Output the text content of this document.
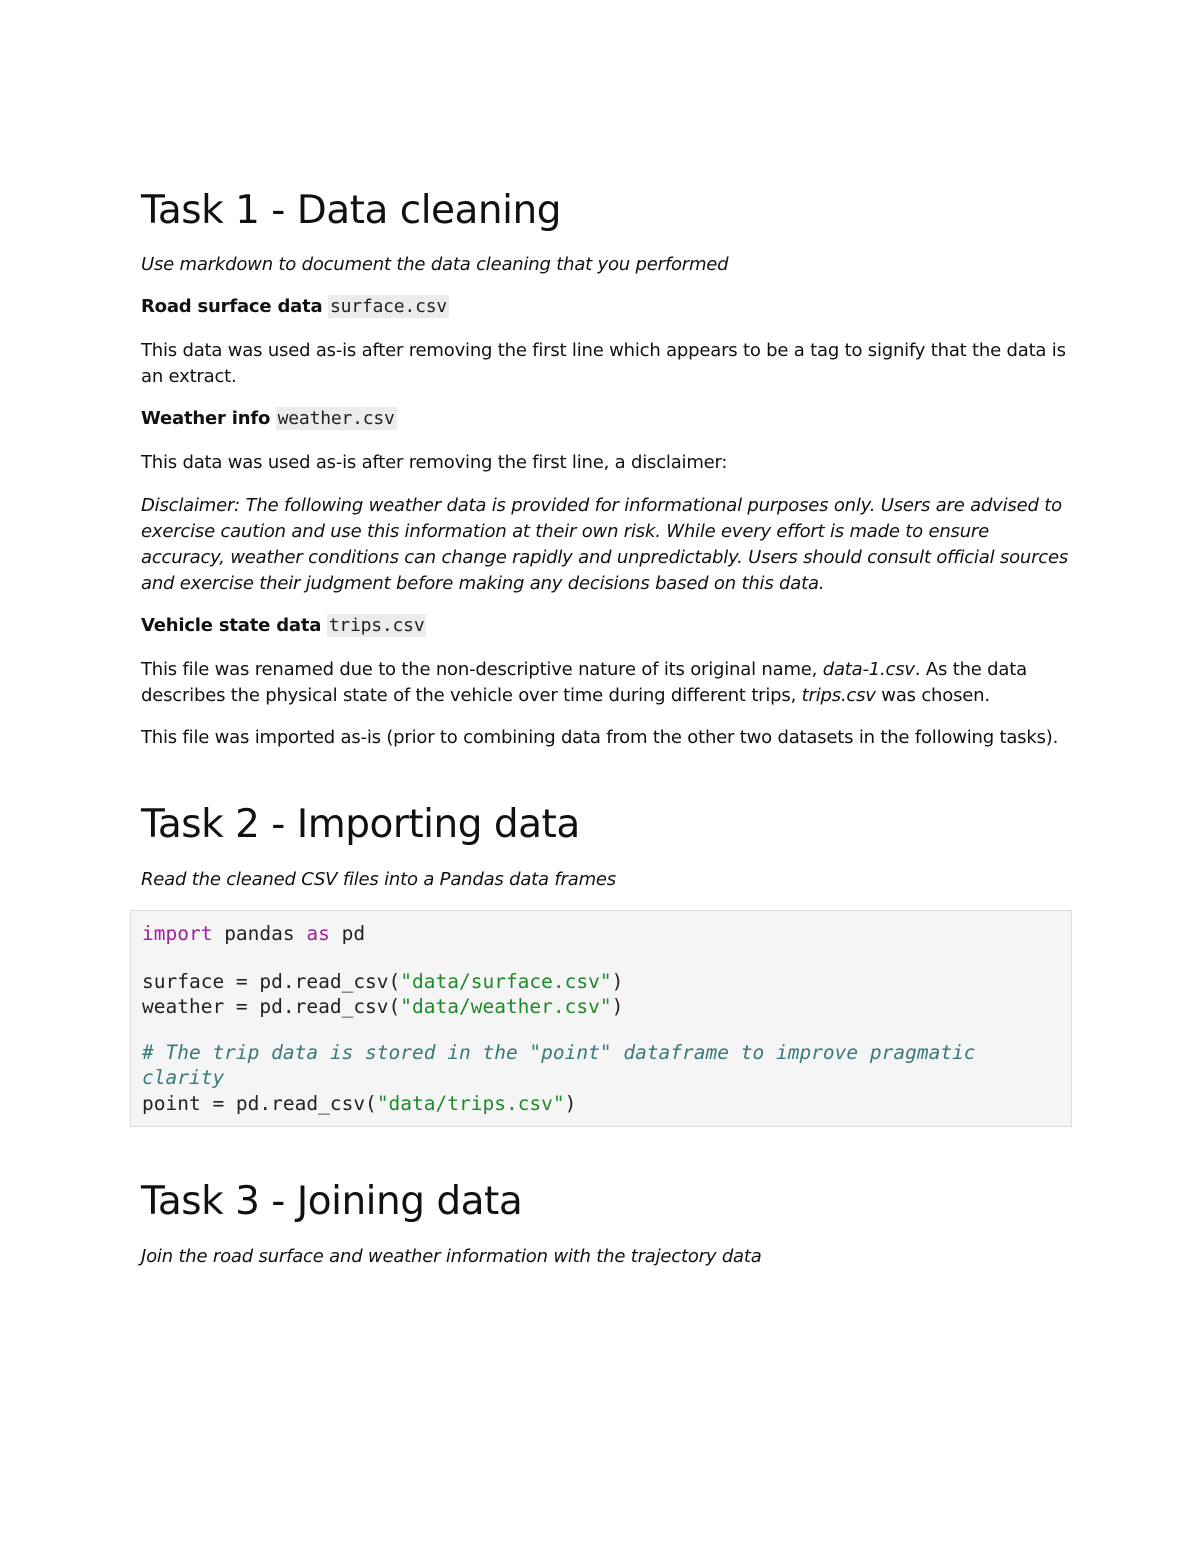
Task 1 - Data cleaning

Use markdown to document the data cleaning that you performed

Road surface data surface.csv

This data was used as-is after removing the first line which appears to be a tag to signify that the data is an extract.

Weather info weather.csv

This data was used as-is after removing the first line, a disclaimer:

Disclaimer: The following weather data is provided for informational purposes only. Users are advised to exercise caution and use this information at their own risk. While every effort is made to ensure accuracy, weather conditions can change rapidly and unpredictably. Users should consult official sources and exercise their judgment before making any decisions based on this data.

Vehicle state data trips.csv

This file was renamed due to the non-descriptive nature of its original name, data-1.csv. As the data describes the physical state of the vehicle over time during different trips, trips.csv was chosen.

This file was imported as-is (prior to combining data from the other two datasets in the following tasks).

Task 2 - Importing data

Read the cleaned CSV files into a Pandas data frames

import pandas as pd

surface = pd.read_csv("data/surface.csv")
weather = pd.read_csv("data/weather.csv")

# The trip data is stored in the "point" dataframe to improve pragmatic clarity
point = pd.read_csv("data/trips.csv")
Task 3 - Joining data

Join the road surface and weather information with the trajectory data
